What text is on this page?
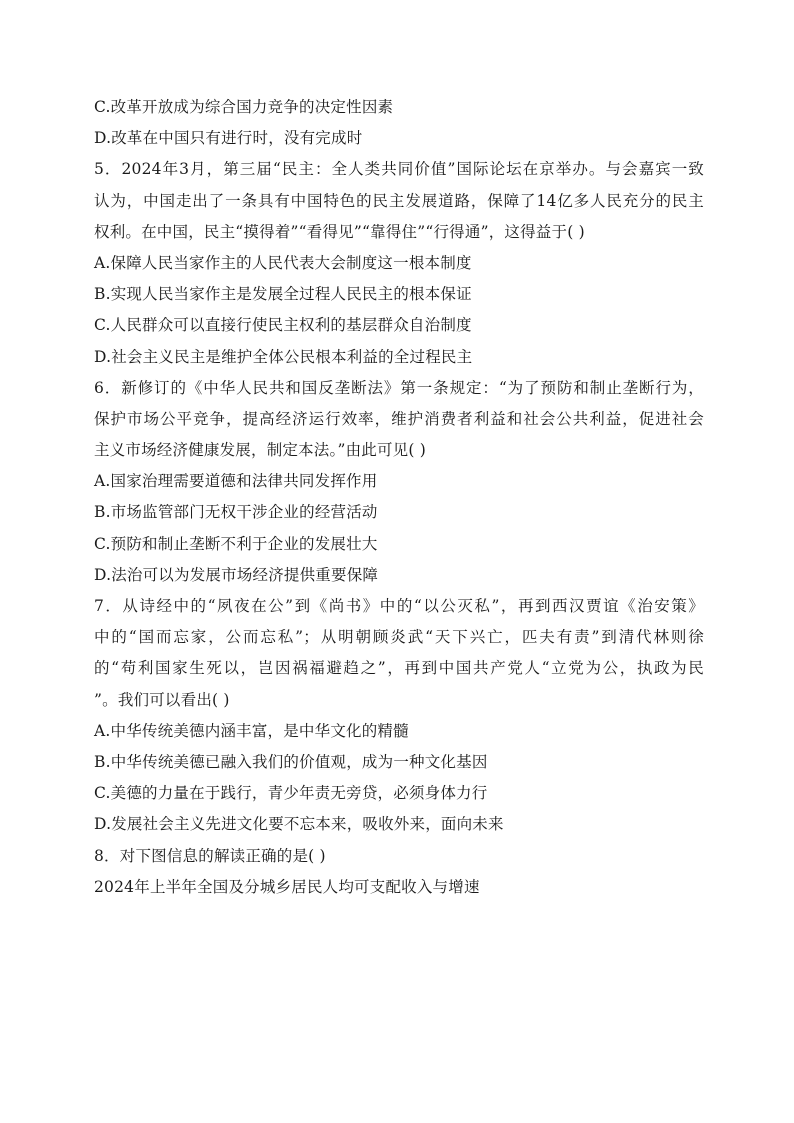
C.改革开放成为综合国力竞争的决定性因素
D.改革在中国只有进行时，没有完成时
5．2024年3月，第三届“民主：全人类共同价值”国际论坛在京举办。与会嘉宾一致
认为，中国走出了一条具有中国特色的民主发展道路，保障了14亿多人民充分的民主
权利。在中国，民主“摸得着”“看得见”“靠得住”“行得通”，这得益于( )
A.保障人民当家作主的人民代表大会制度这一根本制度
B.实现人民当家作主是发展全过程人民民主的根本保证
C.人民群众可以直接行使民主权利的基层群众自治制度
D.社会主义民主是维护全体公民根本利益的全过程民主
6．新修订的《中华人民共和国反垄断法》第一条规定：“为了预防和制止垄断行为，
保护市场公平竞争，提高经济运行效率，维护消费者利益和社会公共利益，促进社会
主义市场经济健康发展，制定本法。”由此可见( )
A.国家治理需要道德和法律共同发挥作用
B.市场监管部门无权干涉企业的经营活动
C.预防和制止垄断不利于企业的发展壮大
D.法治可以为发展市场经济提供重要保障
7．从诗经中的“夙夜在公”到《尚书》中的“以公灭私”，再到西汉贾谊《治安策》
中的“国而忘家，公而忘私”；从明朝顾炎武“天下兴亡，匹夫有责”到清代林则徐
的“苟利国家生死以，岂因祸福避趋之”，再到中国共产党人“立党为公，执政为民
”。我们可以看出( )
A.中华传统美德内涵丰富，是中华文化的精髓
B.中华传统美德已融入我们的价值观，成为一种文化基因
C.美德的力量在于践行，青少年责无旁贷，必须身体力行
D.发展社会主义先进文化要不忘本来，吸收外来，面向未来
8．对下图信息的解读正确的是( )
2024年上半年全国及分城乡居民人均可支配收入与增速
